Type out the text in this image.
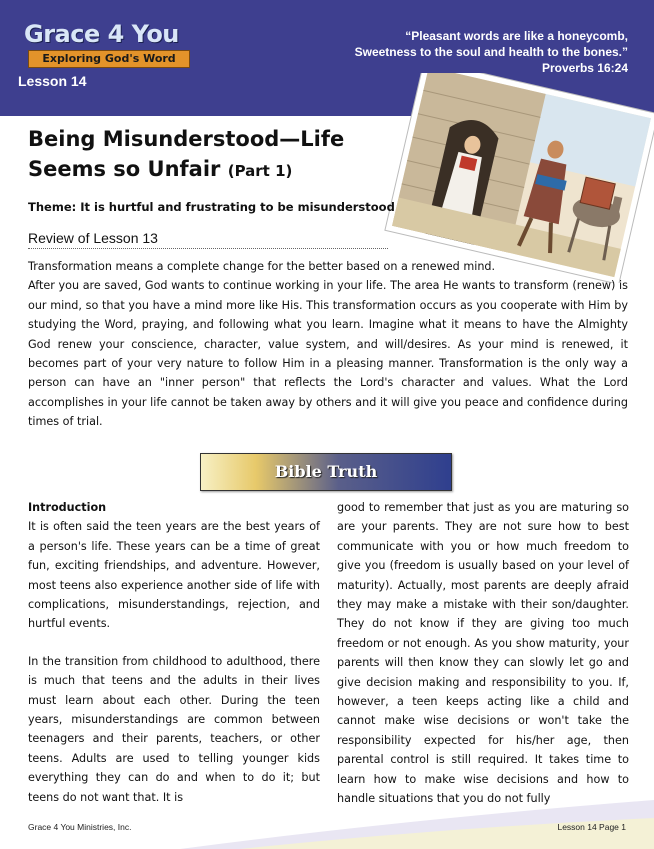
Grace 4 You
Exploring God's Word
Lesson 14
“Pleasant words are like a honeycomb,
Sweetness to the soul and health to the bones.”
Proverbs 16:24
Being Misunderstood—Life Seems so Unfair (Part 1)
Theme: It is hurtful and frustrating to be misunderstood
Review of Lesson 13

Transformation means a complete change for the better based on a renewed mind.

After you are saved, God wants to continue working in your life. The area He wants to transform (renew) is our mind, so that you have a mind more like His. This transformation occurs as you cooperate with Him by studying the Word, praying, and following what you learn. Imagine what it means to have the Almighty God renew your conscience, character, value system, and will/desires. As your mind is renewed, it becomes part of your very nature to follow Him in a pleasing manner. Transformation is the only way a person can have an "inner person" that reflects the Lord's character and values. What the Lord accomplishes in your life cannot be taken away by others and it will give you peace and confidence during times of trial.

Bible Truth

Introduction

It is often said the teen years are the best years of a person's life. These years can be a time of great fun, exciting friendships, and adventure. However, most teens also experience another side of life with complications, misunderstandings, rejection, and hurtful events.

In the transition from childhood to adulthood, there is much that teens and the adults in their lives must learn about each other. During the teen years, misunderstandings are common between teenagers and their parents, teachers, or other teens. Adults are used to telling younger kids everything they can do and when to do it; but teens do not want that. It is

good to remember that just as you are maturing so are your parents. They are not sure how to best communicate with you or how much freedom to give you (freedom is usually based on your level of maturity). Actually, most parents are deeply afraid they may make a mistake with their son/daughter. They do not know if they are giving too much freedom or not enough. As you show maturity, your parents will then know they can slowly let go and give decision making and responsibility to you. If, however, a teen keeps acting like a child and cannot make wise decisions or won't take the responsibility expected for his/her age, then parental control is still required. It takes time to learn how to make wise decisions and how to handle situations that you do not fully

Grace 4 You Ministries, Inc.	Lesson 14 Page 1
